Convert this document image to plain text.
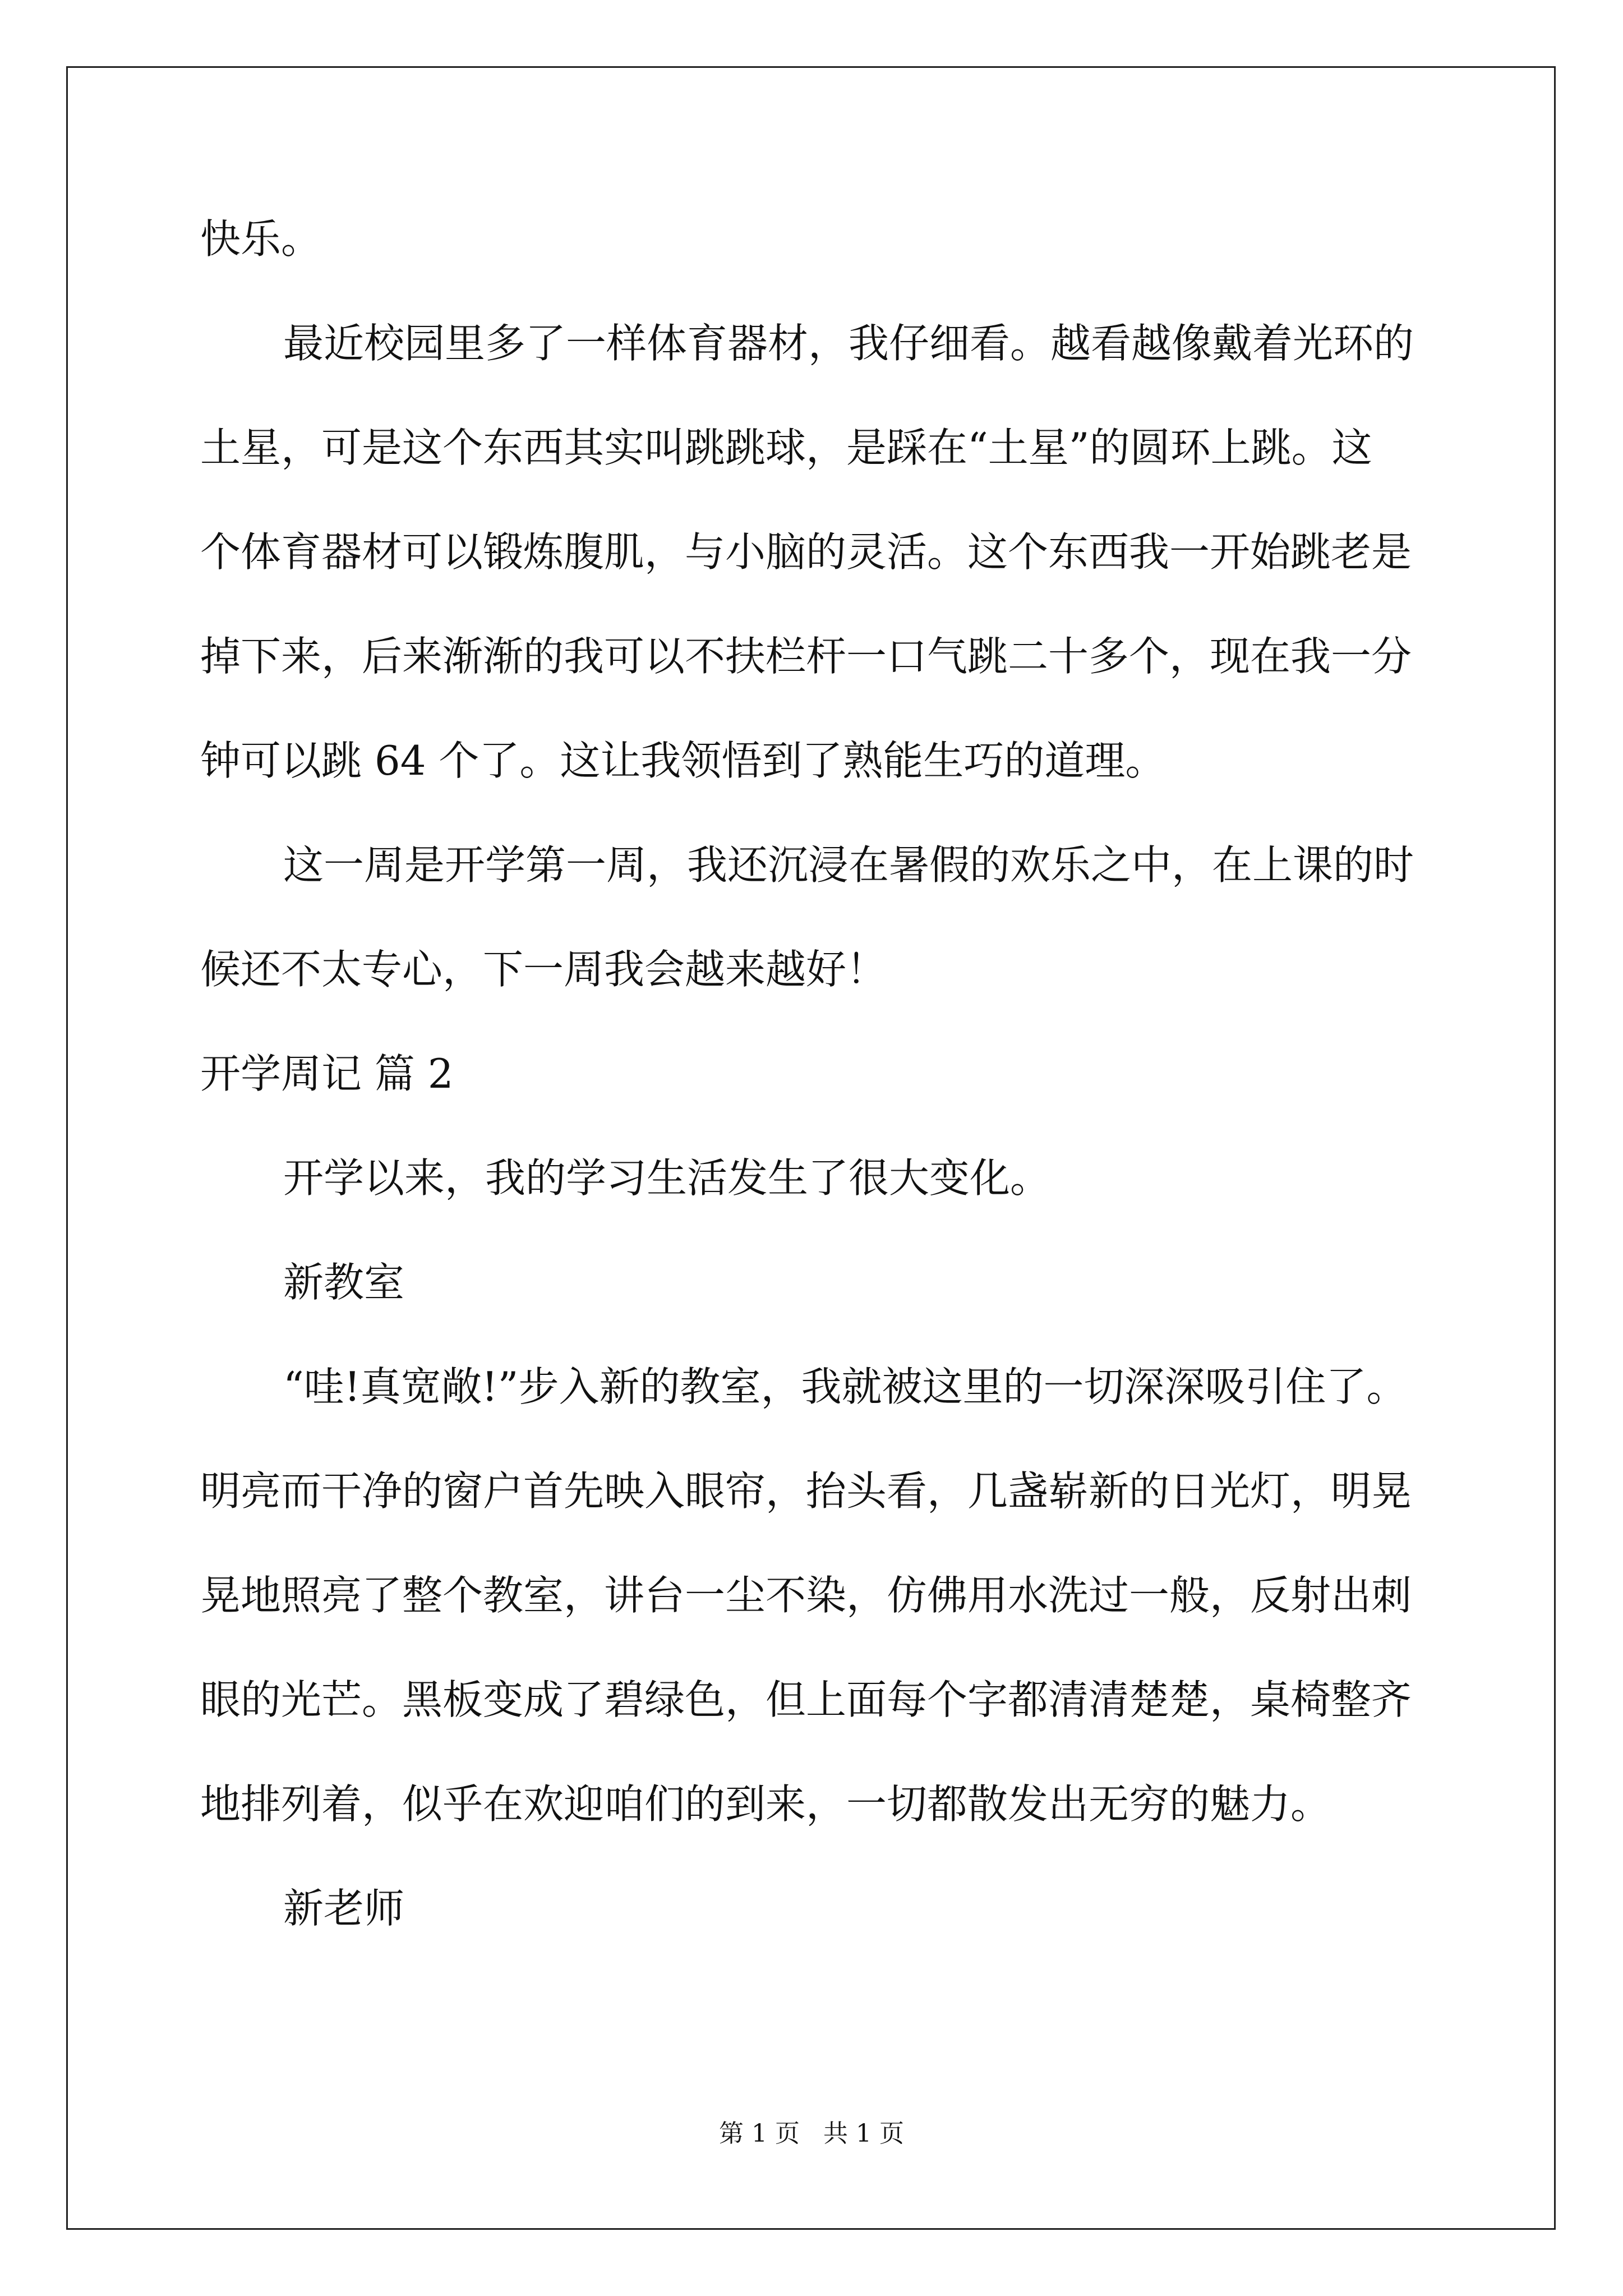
快乐。
最近校园里多了一样体育器材，我仔细看。越看越像戴着光环的
土星，可是这个东西其实叫跳跳球，是踩在“土星”的圆环上跳。这
个体育器材可以锻炼腹肌，与小脑的灵活。这个东西我一开始跳老是
掉下来，后来渐渐的我可以不扶栏杆一口气跳二十多个，现在我一分
钟可以跳 64 个了。这让我领悟到了熟能生巧的道理。
这一周是开学第一周，我还沉浸在暑假的欢乐之中，在上课的时
候还不太专心，下一周我会越来越好！
开学周记 篇 2
开学以来，我的学习生活发生了很大变化。
新教室
“哇!真宽敞!”步入新的教室，我就被这里的一切深深吸引住了。
明亮而干净的窗户首先映入眼帘，抬头看，几盏崭新的日光灯，明晃
晃地照亮了整个教室，讲台一尘不染，仿佛用水洗过一般，反射出刺
眼的光芒。黑板变成了碧绿色，但上面每个字都清清楚楚，桌椅整齐
地排列着，似乎在欢迎咱们的到来，一切都散发出无穷的魅力。
新老师
第 1 页   共 1 页
